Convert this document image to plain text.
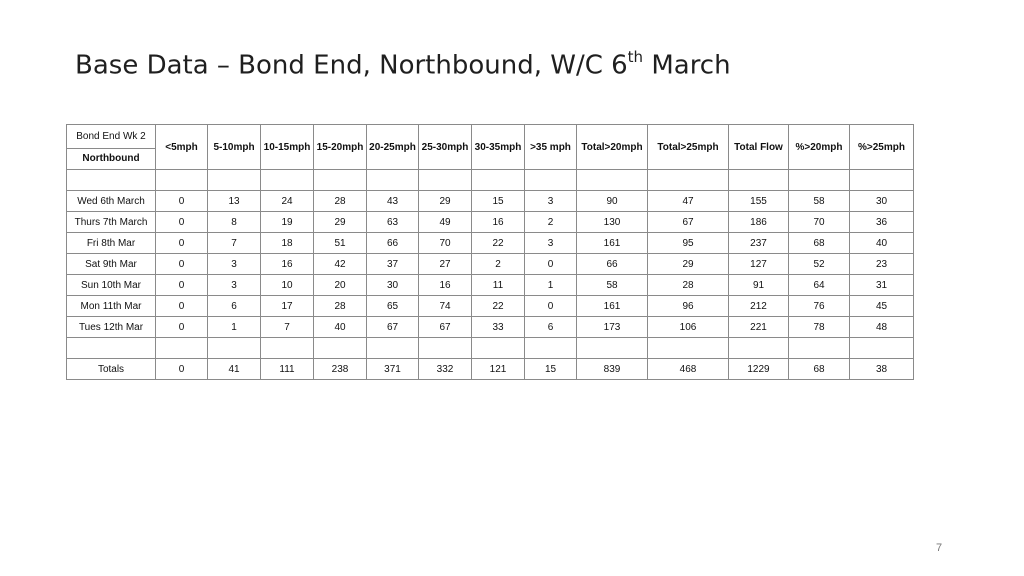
Base Data – Bond End, Northbound, W/C 6th March
Bond End Wk 2	<5mph	5-10mph	10-15mph	15-20mph	20-25mph	25-30mph	30-35mph	>35 mph	Total>20mph	Total>25mph	Total Flow	%>20mph	%>25mph
Northbound													

Wed 6th March	0	13	24	28	43	29	15	3	90	47	155	58	30
Thurs 7th March	0	8	19	29	63	49	16	2	130	67	186	70	36
Fri 8th Mar	0	7	18	51	66	70	22	3	161	95	237	68	40
Sat 9th Mar	0	3	16	42	37	27	2	0	66	29	127	52	23
Sun 10th Mar	0	3	10	20	30	16	11	1	58	28	91	64	31
Mon 11th Mar	0	6	17	28	65	74	22	0	161	96	212	76	45
Tues 12th Mar	0	1	7	40	67	67	33	6	173	106	221	78	48

Totals	0	41	111	238	371	332	121	15	839	468	1229	68	38
7
